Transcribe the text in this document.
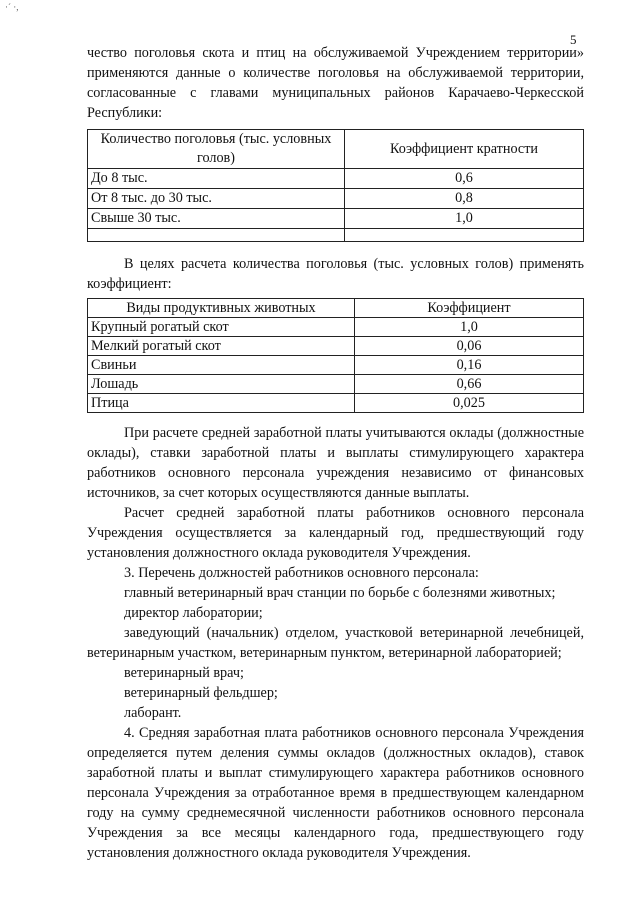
·´ ·,
5

чество поголовья скота и птиц на обслуживаемой Учреждением территории» применяются данные о количестве поголовья на обслуживаемой территории, согласованные с главами муниципальных районов Карачаево-Черкесской Республики:

Количество поголовья (тыс. условных голов)	Коэффициент кратности
До 8 тыс.	0,6
От 8 тыс. до 30 тыс.	0,8
Свыше 30 тыс.	1,0

В целях расчета количества поголовья (тыс. условных голов) применять коэффициент:

Виды продуктивных животных	Коэффициент
Крупный рогатый скот	1,0
Мелкий рогатый скот	0,06
Свиньи	0,16
Лошадь	0,66
Птица	0,025

При расчете средней заработной платы учитываются оклады (должностные оклады), ставки заработной платы и выплаты стимулирующего характера работников основного персонала учреждения независимо от финансовых источников, за счет которых осуществляются данные выплаты.

Расчет средней заработной платы работников основного персонала Учреждения осуществляется за календарный год, предшествующий году установления должностного оклада руководителя Учреждения.

3. Перечень должностей работников основного персонала:

главный ветеринарный врач станции по борьбе с болезнями животных;

директор лаборатории;

заведующий (начальник) отделом, участковой ветеринарной лечебницей, ветеринарным участком, ветеринарным пунктом, ветеринарной лабораторией;

ветеринарный врач;

ветеринарный фельдшер;

лаборант.

4. Средняя заработная плата работников основного персонала Учреждения определяется путем деления суммы окладов (должностных окладов), ставок заработной платы и выплат стимулирующего характера работников основного персонала Учреждения за отработанное время в предшествующем календарном году на сумму среднемесячной численности работников основного персонала Учреждения за все месяцы календарного года, предшествующего году установления должностного оклада руководителя Учреждения.
